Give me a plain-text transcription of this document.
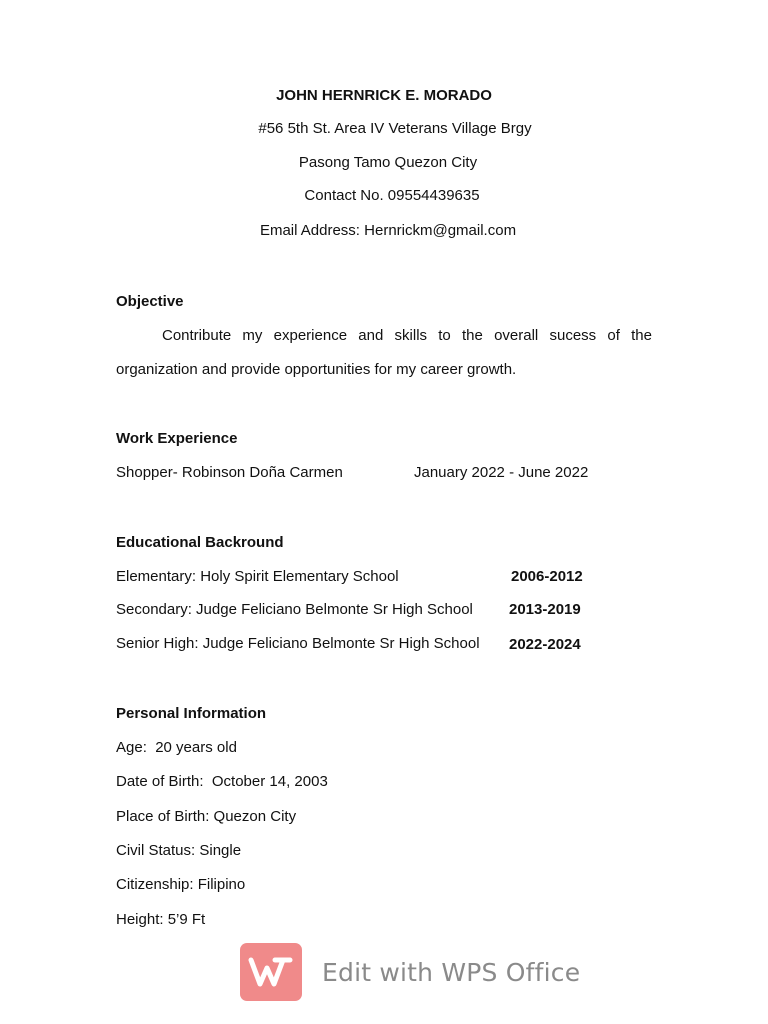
JOHN HERNRICK E. MORADO
#56 5th St. Area IV Veterans Village Brgy
Pasong Tamo Quezon City
Contact No. 09554439635
Email Address: Hernrickm@gmail.com
Objective
Contribute my experience and skills to the overall sucess of the
organization and provide opportunities for my career growth.
Work Experience
Shopper- Robinson Doña Carmen	January 2022 - June 2022
Educational Backround
Elementary: Holy Spirit Elementary School	2006-2012
Secondary: Judge Feliciano Belmonte Sr High School 2013-2019
Senior High: Judge Feliciano Belmonte Sr High School 2022-2024
Personal Information
Age:  20 years old
Date of Birth:  October 14, 2003
Place of Birth: Quezon City
Civil Status: Single
Citizenship: Filipino
Height: 5’9 Ft
Edit with WPS Office
